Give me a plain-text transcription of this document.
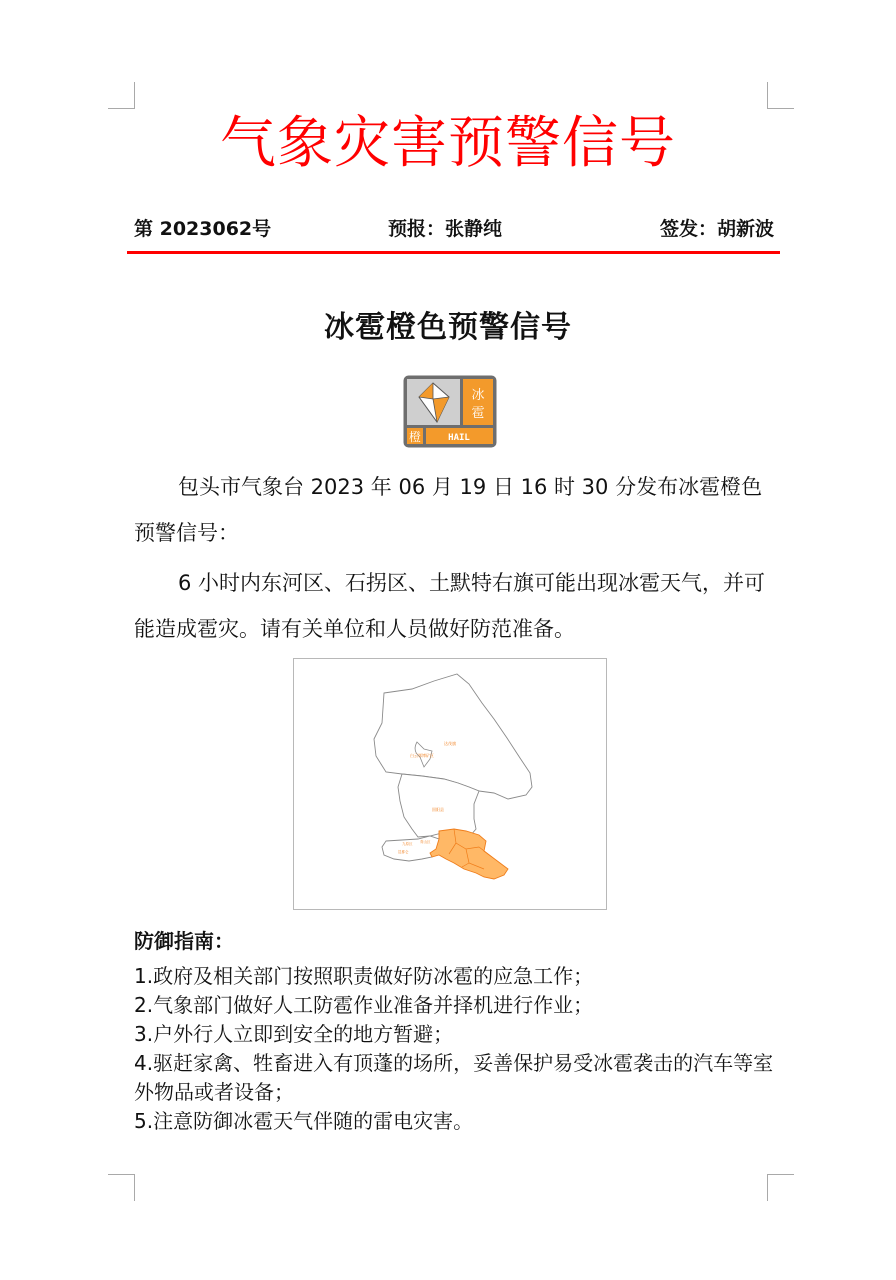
气象灾害预警信号
第 2023062号	预报：张静纯	签发：胡新波
冰雹橙色预警信号
冰
雹
橙	HAIL
包头市气象台 2023 年 06 月 19 日 16 时 30 分发布冰雹橙色预警信号：
6 小时内东河区、石拐区、土默特右旗可能出现冰雹天气，并可能造成雹灾。请有关单位和人员做好防范准备。
达茂旗
白云鄂博矿区
固阳县
九原区 青山区
昆都仑
防御指南：
1.政府及相关部门按照职责做好防冰雹的应急工作；
2.气象部门做好人工防雹作业准备并择机进行作业；
3.户外行人立即到安全的地方暂避；
4.驱赶家禽、牲畜进入有顶蓬的场所，妥善保护易受冰雹袭击的汽车等室外物品或者设备；
5.注意防御冰雹天气伴随的雷电灾害。
